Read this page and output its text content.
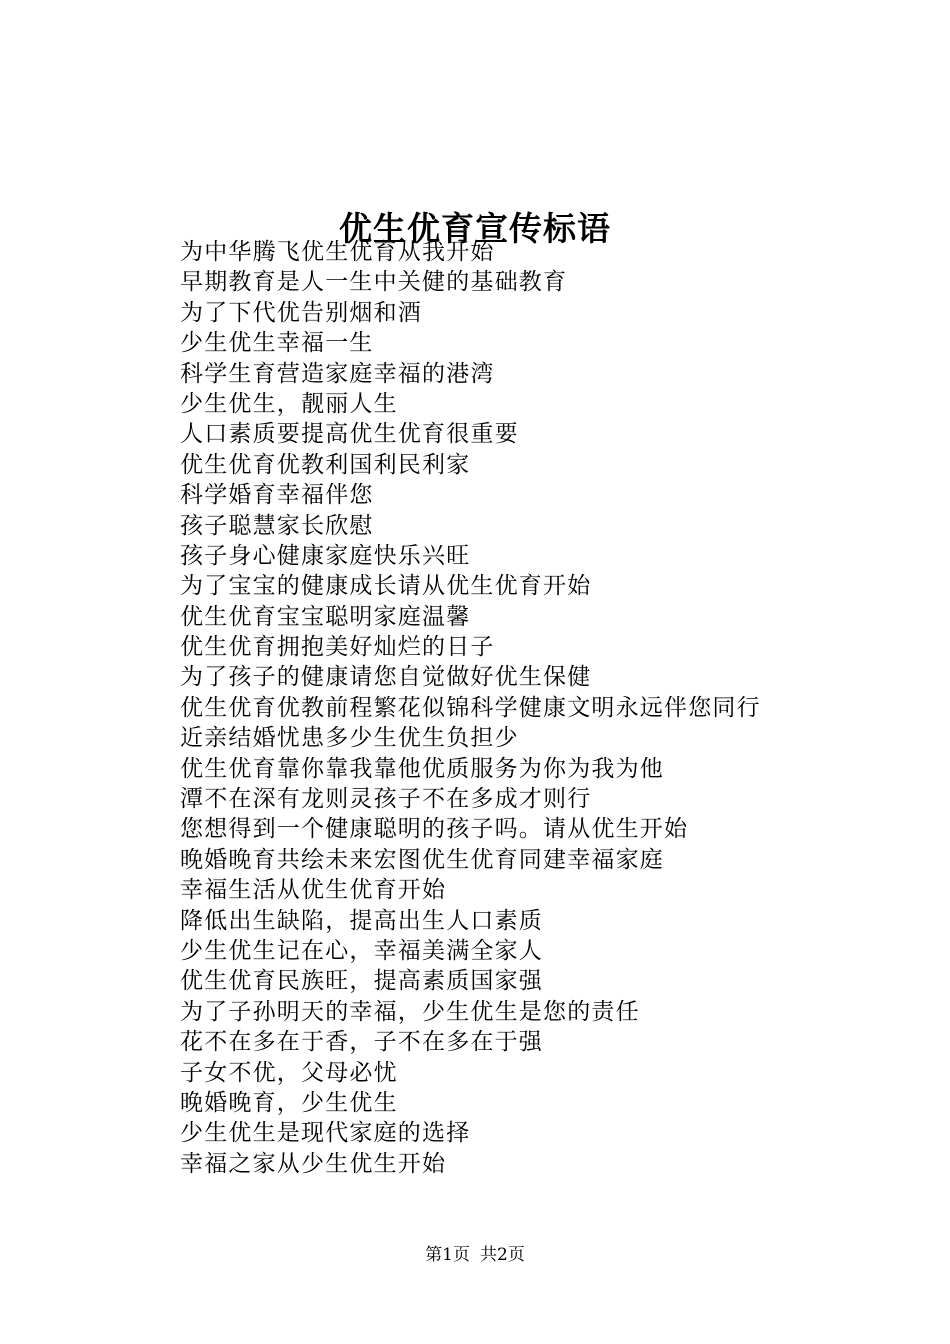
优生优育宣传标语
为中华腾飞优生优育从我开始
早期教育是人一生中关健的基础教育
为了下代优告别烟和酒
少生优生幸福一生
科学生育营造家庭幸福的港湾
少生优生，靓丽人生
人口素质要提高优生优育很重要
优生优育优教利国利民利家
科学婚育幸福伴您
孩子聪慧家长欣慰
孩子身心健康家庭快乐兴旺
为了宝宝的健康成长请从优生优育开始
优生优育宝宝聪明家庭温馨
优生优育拥抱美好灿烂的日子
为了孩子的健康请您自觉做好优生保健
优生优育优教前程繁花似锦科学健康文明永远伴您同行
近亲结婚忧患多少生优生负担少
优生优育靠你靠我靠他优质服务为你为我为他
潭不在深有龙则灵孩子不在多成才则行
您想得到一个健康聪明的孩子吗。请从优生开始
晚婚晚育共绘未来宏图优生优育同建幸福家庭
幸福生活从优生优育开始
降低出生缺陷，提高出生人口素质
少生优生记在心，幸福美满全家人
优生优育民族旺，提高素质国家强
为了子孙明天的幸福，少生优生是您的责任
花不在多在于香，子不在多在于强
子女不优，父母必忧
晚婚晚育，少生优生
少生优生是现代家庭的选择
幸福之家从少生优生开始
第1页 共2页
